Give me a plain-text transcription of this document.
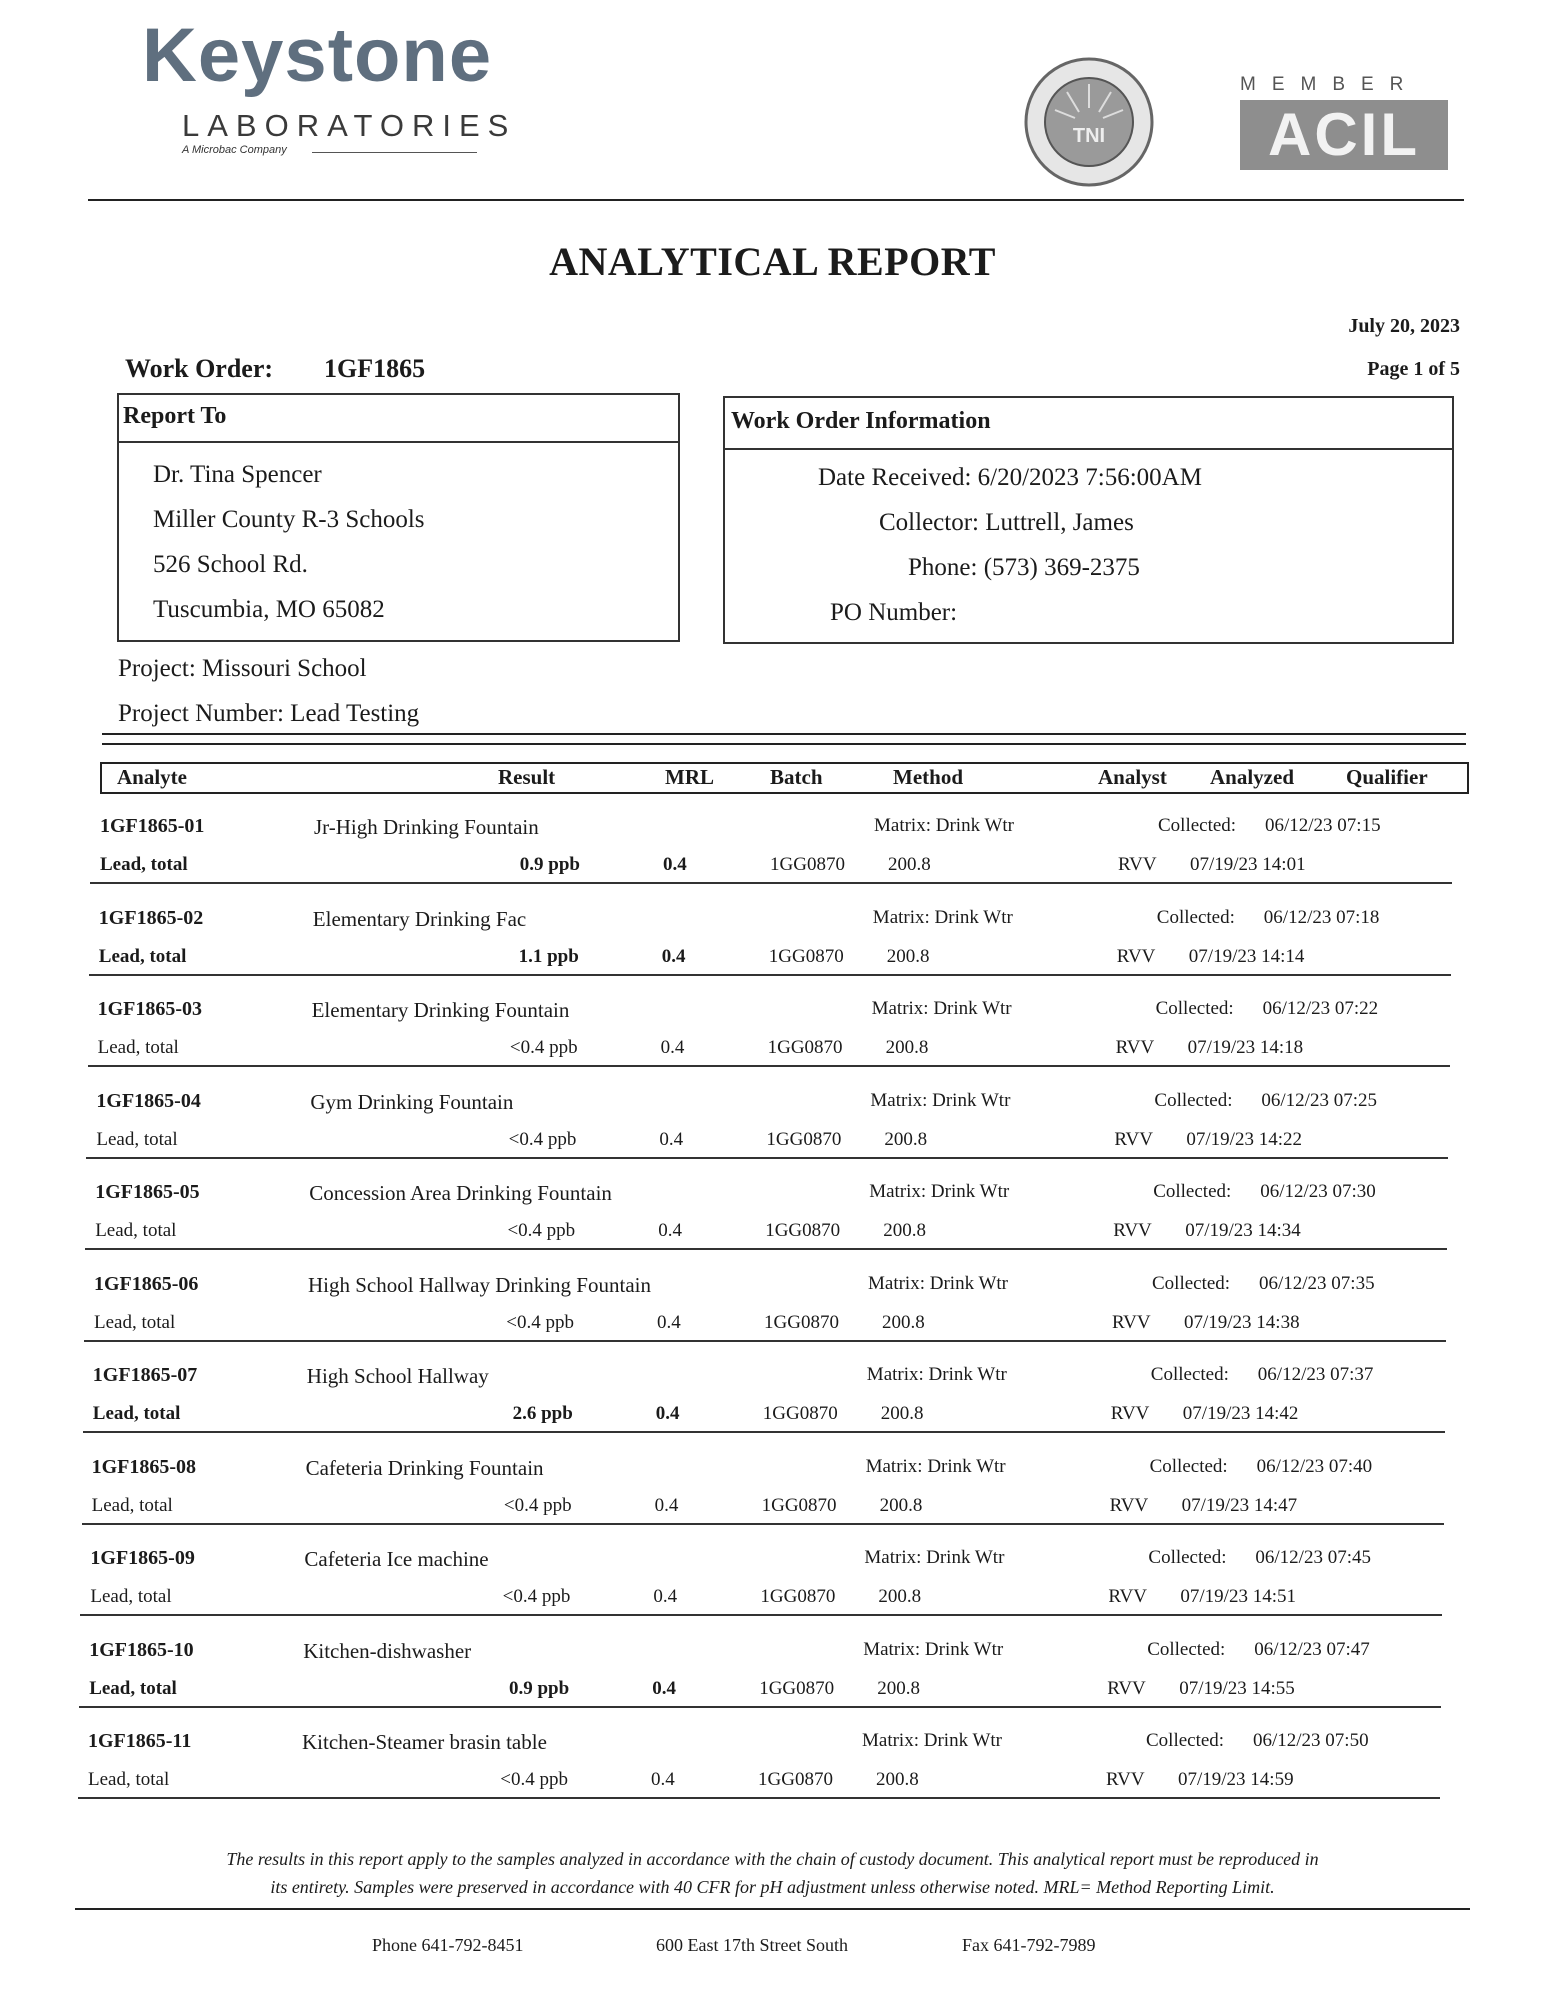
Keystone
LABORATORIES
A Microbac Company
TNI
MEMBER
ACIL
ANALYTICAL REPORT
July 20, 2023
Page 1 of 5
Work Order: 1GF1865
Report To
Dr. Tina Spencer
Miller County R-3 Schools
526 School Rd.
Tuscumbia, MO 65082
Work Order Information
Date Received: 6/20/2023 7:56:00AM
Collector: Luttrell, James
Phone: (573) 369-2375
PO Number:
Project: Missouri School
Project Number: Lead Testing
Analyte	Result	MRL	Batch	Method	Analyst Analyzed Qualifier
1GF1865-01	Jr-High Drinking Fountain	Matrix: Drink Wtr	Collected: 06/12/23 07:15
Lead, total	0.9 ppb	0.4	1GG0870 200.8	RVV 07/19/23 14:01
1GF1865-02	Elementary Drinking Fac	Matrix: Drink Wtr	Collected: 06/12/23 07:18
Lead, total	1.1 ppb	0.4	1GG0870 200.8	RVV 07/19/23 14:14
1GF1865-03	Elementary Drinking Fountain	Matrix: Drink Wtr	Collected: 06/12/23 07:22
Lead, total	<0.4 ppb	0.4	1GG0870 200.8	RVV 07/19/23 14:18
1GF1865-04	Gym Drinking Fountain	Matrix: Drink Wtr	Collected: 06/12/23 07:25
Lead, total	<0.4 ppb	0.4	1GG0870 200.8	RVV 07/19/23 14:22
1GF1865-05	Concession Area Drinking Fountain	Matrix: Drink Wtr	Collected: 06/12/23 07:30
Lead, total	<0.4 ppb	0.4	1GG0870 200.8	RVV 07/19/23 14:34
1GF1865-06	High School Hallway Drinking Fountain	Matrix: Drink Wtr	Collected: 06/12/23 07:35
Lead, total	<0.4 ppb	0.4	1GG0870 200.8	RVV 07/19/23 14:38
1GF1865-07	High School Hallway	Matrix: Drink Wtr	Collected: 06/12/23 07:37
Lead, total	2.6 ppb	0.4	1GG0870 200.8	RVV 07/19/23 14:42
1GF1865-08	Cafeteria Drinking Fountain	Matrix: Drink Wtr	Collected: 06/12/23 07:40
Lead, total	<0.4 ppb	0.4	1GG0870 200.8	RVV 07/19/23 14:47
1GF1865-09	Cafeteria Ice machine	Matrix: Drink Wtr	Collected: 06/12/23 07:45
Lead, total	<0.4 ppb	0.4	1GG0870 200.8	RVV 07/19/23 14:51
1GF1865-10	Kitchen-dishwasher	Matrix: Drink Wtr	Collected: 06/12/23 07:47
Lead, total	0.9 ppb	0.4	1GG0870 200.8	RVV 07/19/23 14:55
1GF1865-11	Kitchen-Steamer brasin table	Matrix: Drink Wtr	Collected: 06/12/23 07:50
Lead, total	<0.4 ppb	0.4	1GG0870 200.8	RVV 07/19/23 14:59
The results in this report apply to the samples analyzed in accordance with the chain of custody document. This analytical report must be reproduced in
its entirety. Samples were preserved in accordance with 40 CFR for pH adjustment unless otherwise noted. MRL= Method Reporting Limit.
Phone 641-792-8451	600 East 17th Street South	Fax 641-792-7989
